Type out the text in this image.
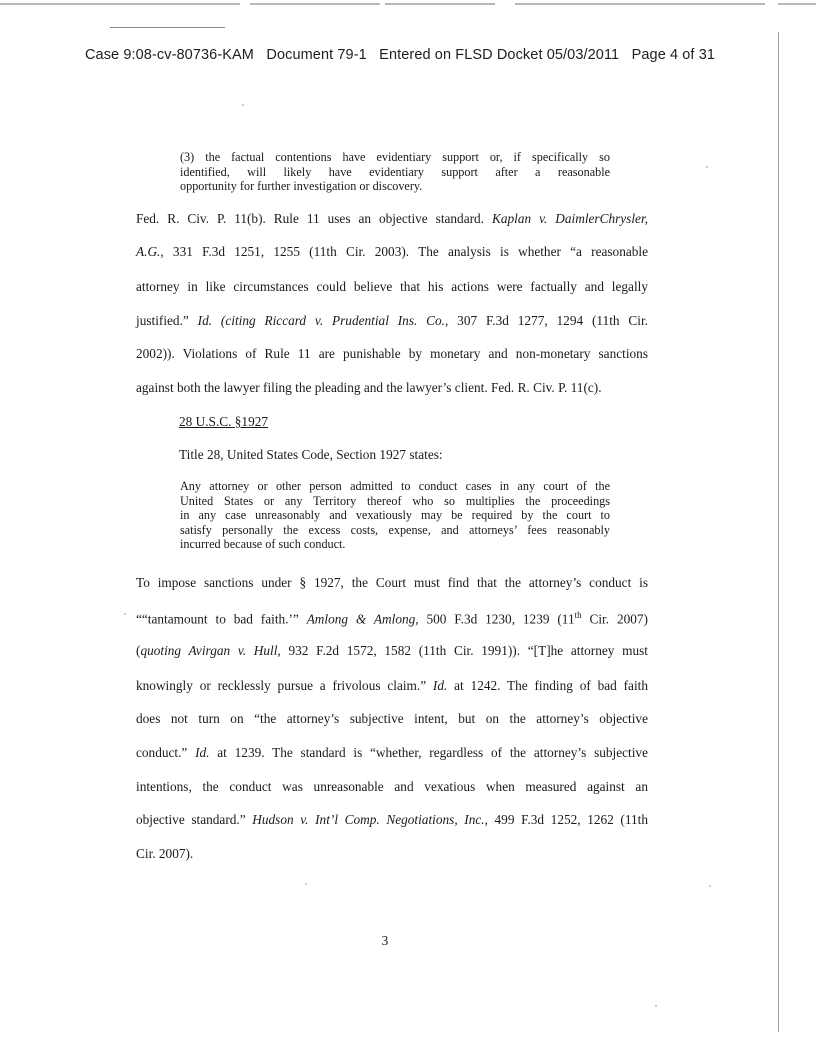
Case 9:08-cv-80736-KAM   Document 79-1   Entered on FLSD Docket 05/03/2011   Page 4 of 31
(3) the factual contentions have evidentiary support or, if specifically so
identified, will likely have evidentiary support after a reasonable
opportunity for further investigation or discovery.
Fed. R. Civ. P. 11(b). Rule 11 uses an objective standard. Kaplan v. DaimlerChrysler,
A.G., 331 F.3d 1251, 1255 (11th Cir. 2003). The analysis is whether “a reasonable
attorney in like circumstances could believe that his actions were factually and legally
justified.” Id. (citing Riccard v. Prudential Ins. Co., 307 F.3d 1277, 1294 (11th Cir.
2002)). Violations of Rule 11 are punishable by monetary and non-monetary sanctions
against both the lawyer filing the pleading and the lawyer’s client. Fed. R. Civ. P. 11(c).
28 U.S.C. §1927
Title 28, United States Code, Section 1927 states:
Any attorney or other person admitted to conduct cases in any court of the
United States or any Territory thereof who so multiplies the proceedings
in any case unreasonably and vexatiously may be required by the court to
satisfy personally the excess costs, expense, and attorneys’ fees reasonably
incurred because of such conduct.
To impose sanctions under § 1927, the Court must find that the attorney’s conduct is
““tantamount to bad faith.’” Amlong & Amlong, 500 F.3d 1230, 1239 (11th Cir. 2007)
(quoting Avirgan v. Hull, 932 F.2d 1572, 1582 (11th Cir. 1991)). “[T]he attorney must
knowingly or recklessly pursue a frivolous claim.” Id. at 1242. The finding of bad faith
does not turn on “the attorney’s subjective intent, but on the attorney’s objective
conduct.” Id. at 1239. The standard is “whether, regardless of the attorney’s subjective
intentions, the conduct was unreasonable and vexatious when measured against an
objective standard.” Hudson v. Int’l Comp. Negotiations, Inc., 499 F.3d 1252, 1262 (11th
Cir. 2007).
3
